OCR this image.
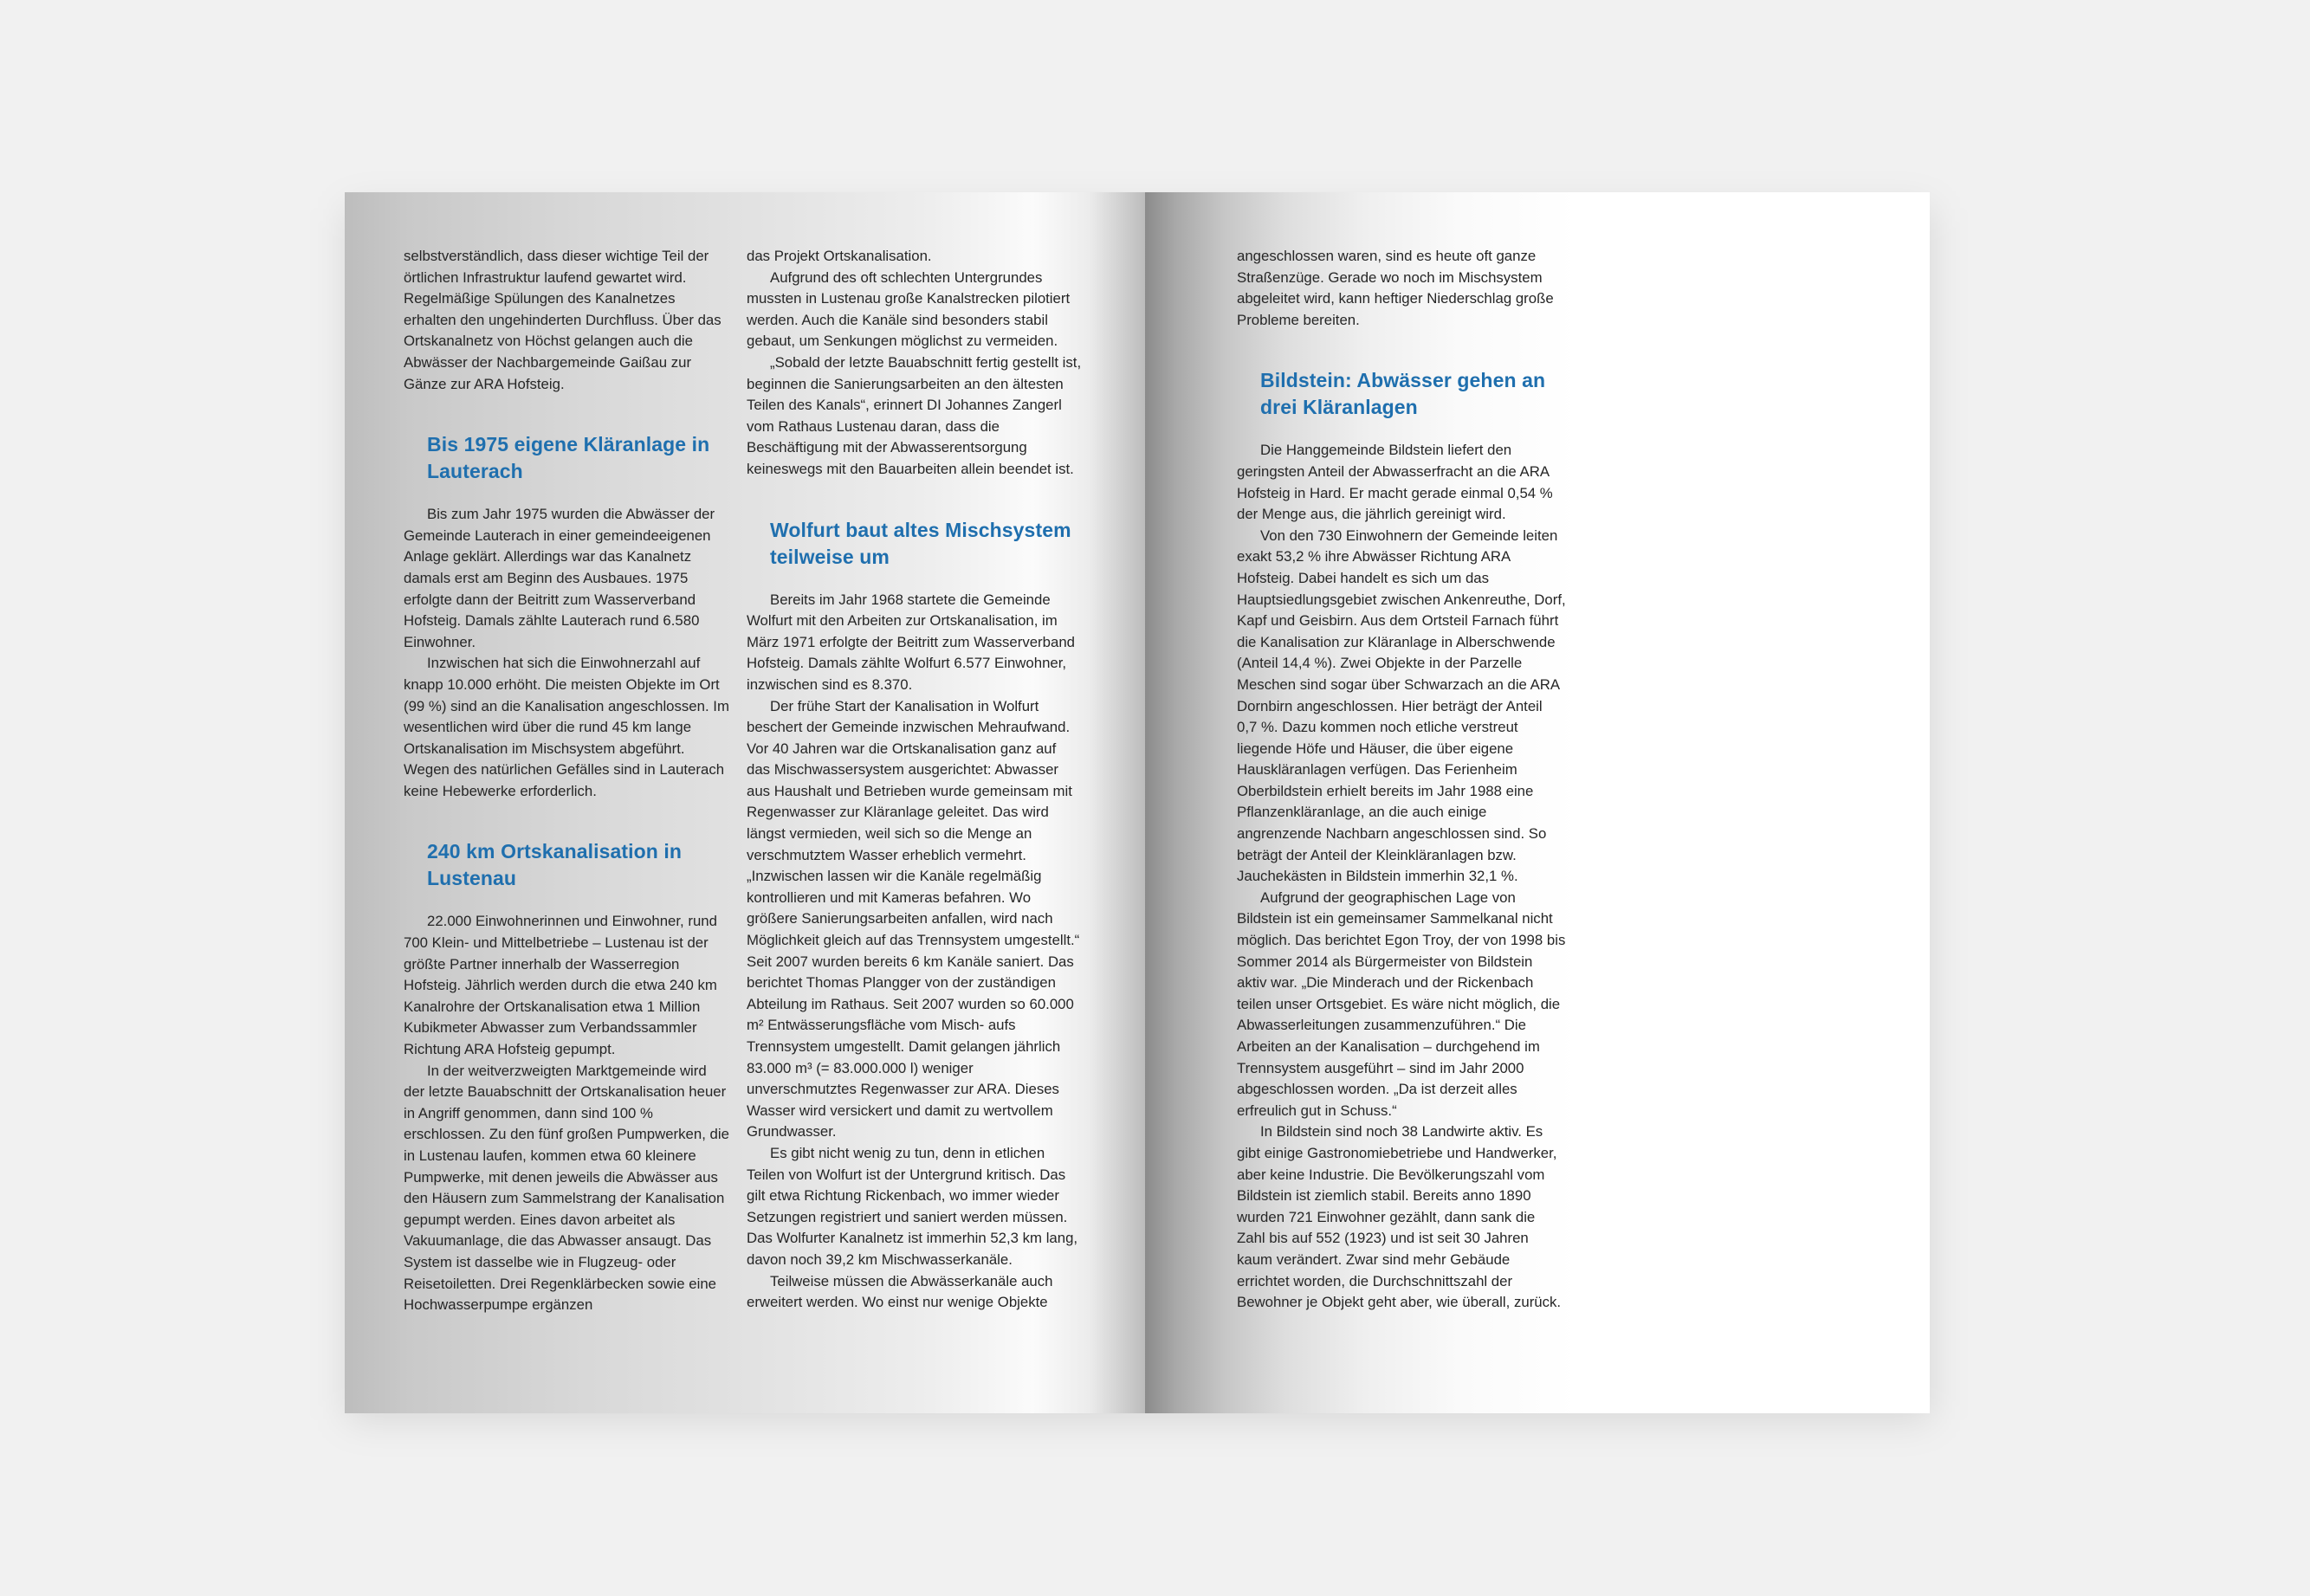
selbstverständlich, dass dieser wichtige Teil der örtlichen Infrastruktur laufend gewartet wird. Regelmäßige Spülungen des Kanalnetzes erhalten den ungehinderten Durchfluss. Über das Ortskanalnetz von Höchst gelangen auch die Abwässer der Nachbargemeinde Gaißau zur Gänze zur ARA Hofsteig.

Bis 1975 eigene Kläranlage in Lauterach

Bis zum Jahr 1975 wurden die Abwässer der Gemeinde Lauterach in einer gemeindeeigenen Anlage geklärt. Allerdings war das Kanalnetz damals erst am Beginn des Ausbaues. 1975 erfolgte dann der Beitritt zum Wasserverband Hofsteig. Damals zählte Lauterach rund 6.580 Einwohner.

Inzwischen hat sich die Einwohnerzahl auf knapp 10.000 erhöht. Die meisten Objekte im Ort (99 %) sind an die Kanalisation angeschlossen. Im wesentlichen wird über die rund 45 km lange Ortskanalisation im Mischsystem abgeführt. Wegen des natürlichen Gefälles sind in Lauterach keine Hebewerke erforderlich.

240 km Ortskanalisation in Lustenau

22.000 Einwohnerinnen und Einwohner, rund 700 Klein- und Mittelbetriebe – Lustenau ist der größte Partner innerhalb der Wasserregion Hofsteig. Jährlich werden durch die etwa 240 km Kanalrohre der Ortskanalisation etwa 1 Million Kubikmeter Abwasser zum Verbandssammler Richtung ARA Hofsteig gepumpt.

In der weitverzweigten Marktgemeinde wird der letzte Bauabschnitt der Ortskanalisation heuer in Angriff genommen, dann sind 100 % erschlossen. Zu den fünf großen Pumpwerken, die in Lustenau laufen, kommen etwa 60 kleinere Pumpwerke, mit denen jeweils die Abwässer aus den Häusern zum Sammelstrang der Kanalisation gepumpt werden. Eines davon arbeitet als Vakuumanlage, die das Abwasser ansaugt. Das System ist dasselbe wie in Flugzeug- oder Reisetoiletten. Drei Regenklärbecken sowie eine Hochwasserpumpe ergänzen

das Projekt Ortskanalisation.

Aufgrund des oft schlechten Untergrundes mussten in Lustenau große Kanalstrecken pilotiert werden. Auch die Kanäle sind besonders stabil gebaut, um Senkungen möglichst zu vermeiden.

„Sobald der letzte Bauabschnitt fertig gestellt ist, beginnen die Sanierungsarbeiten an den ältesten Teilen des Kanals“, erinnert DI Johannes Zangerl vom Rathaus Lustenau daran, dass die Beschäftigung mit der Abwasserentsorgung keineswegs mit den Bauarbeiten allein beendet ist.

Wolfurt baut altes Mischsystem teilweise um

Bereits im Jahr 1968 startete die Gemeinde Wolfurt mit den Arbeiten zur Ortskanalisation, im März 1971 erfolgte der Beitritt zum Wasserverband Hofsteig. Damals zählte Wolfurt 6.577 Einwohner, inzwischen sind es 8.370.

Der frühe Start der Kanalisation in Wolfurt beschert der Gemeinde inzwischen Mehraufwand. Vor 40 Jahren war die Ortskanalisation ganz auf das Mischwassersystem ausgerichtet: Abwasser aus Haushalt und Betrieben wurde gemeinsam mit Regenwasser zur Kläranlage geleitet. Das wird längst vermieden, weil sich so die Menge an verschmutztem Wasser erheblich vermehrt. „Inzwischen lassen wir die Kanäle regelmäßig kontrollieren und mit Kameras befahren. Wo größere Sanierungsarbeiten anfallen, wird nach Möglichkeit gleich auf das Trennsystem umgestellt.“ Seit 2007 wurden bereits 6 km Kanäle saniert. Das berichtet Thomas Plangger von der zuständigen Abteilung im Rathaus. Seit 2007 wurden so 60.000 m² Entwässerungsfläche vom Misch- aufs Trennsystem umgestellt. Damit gelangen jährlich 83.000 m³ (= 83.000.000 l) weniger unverschmutztes Regenwasser zur ARA. Dieses Wasser wird versickert und damit zu wertvollem Grundwasser.

Es gibt nicht wenig zu tun, denn in etlichen Teilen von Wolfurt ist der Untergrund kritisch. Das gilt etwa Richtung Rickenbach, wo immer wieder Setzungen registriert und saniert werden müssen. Das Wolfurter Kanalnetz ist immerhin 52,3 km lang, davon noch 39,2 km Mischwasserkanäle.

Teilweise müssen die Abwässerkanäle auch erweitert werden. Wo einst nur wenige Objekte

angeschlossen waren, sind es heute oft ganze Straßenzüge. Gerade wo noch im Mischsystem abgeleitet wird, kann heftiger Niederschlag große Probleme bereiten.

Bildstein: Abwässer gehen an drei Kläranlagen

Die Hanggemeinde Bildstein liefert den geringsten Anteil der Abwasserfracht an die ARA Hofsteig in Hard. Er macht gerade einmal 0,54 % der Menge aus, die jährlich gereinigt wird.

Von den 730 Einwohnern der Gemeinde leiten exakt 53,2 % ihre Abwässer Richtung ARA Hofsteig. Dabei handelt es sich um das Hauptsiedlungsgebiet zwischen Ankenreuthe, Dorf, Kapf und Geisbirn. Aus dem Ortsteil Farnach führt die Kanalisation zur Kläranlage in Alberschwende (Anteil 14,4 %). Zwei Objekte in der Parzelle Meschen sind sogar über Schwarzach an die ARA Dornbirn angeschlossen. Hier beträgt der Anteil 0,7 %. Dazu kommen noch etliche verstreut liegende Höfe und Häuser, die über eigene Hauskläranlagen verfügen. Das Ferienheim Oberbildstein erhielt bereits im Jahr 1988 eine Pflanzenkläranlage, an die auch einige angrenzende Nachbarn angeschlossen sind. So beträgt der Anteil der Kleinkläranlagen bzw. Jauchekästen in Bildstein immerhin 32,1 %.

Aufgrund der geographischen Lage von Bildstein ist ein gemeinsamer Sammelkanal nicht möglich. Das berichtet Egon Troy, der von 1998 bis Sommer 2014 als Bürgermeister von Bildstein aktiv war. „Die Minderach und der Rickenbach teilen unser Ortsgebiet. Es wäre nicht möglich, die Abwasserleitungen zusammenzuführen.“ Die Arbeiten an der Kanalisation – durchgehend im Trennsystem ausgeführt – sind im Jahr 2000 abgeschlossen worden. „Da ist derzeit alles erfreulich gut in Schuss.“

In Bildstein sind noch 38 Landwirte aktiv. Es gibt einige Gastronomiebetriebe und Handwerker, aber keine Industrie. Die Bevölkerungszahl vom Bildstein ist ziemlich stabil. Bereits anno 1890 wurden 721 Einwohner gezählt, dann sank die Zahl bis auf 552 (1923) und ist seit 30 Jahren kaum verändert. Zwar sind mehr Gebäude errichtet worden, die Durchschnittszahl der Bewohner je Objekt geht aber, wie überall, zurück.
